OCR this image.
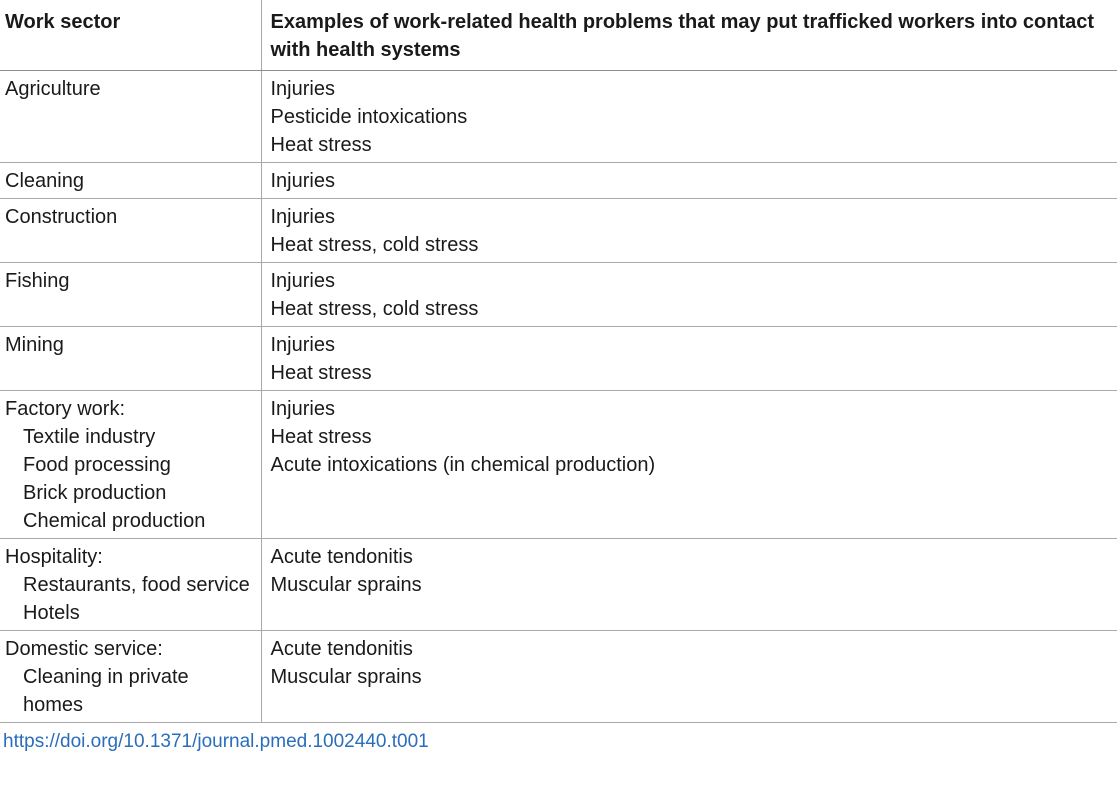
Work sector	Examples of work-related health problems that may put trafficked workers into contact with health systems

Agriculture	Injuries
Pesticide intoxications
Heat stress

Cleaning	Injuries

Construction	Injuries
Heat stress, cold stress

Fishing	Injuries
Heat stress, cold stress

Mining	Injuries
Heat stress

Factory work:
Textile industry
Food processing
Brick production
Chemical production	Injuries
Heat stress
Acute intoxications (in chemical production)

Hospitality:
Restaurants, food service
Hotels	Acute tendonitis
Muscular sprains

Domestic service:
Cleaning in private homes	Acute tendonitis
Muscular sprains
https://doi.org/10.1371/journal.pmed.1002440.t001
